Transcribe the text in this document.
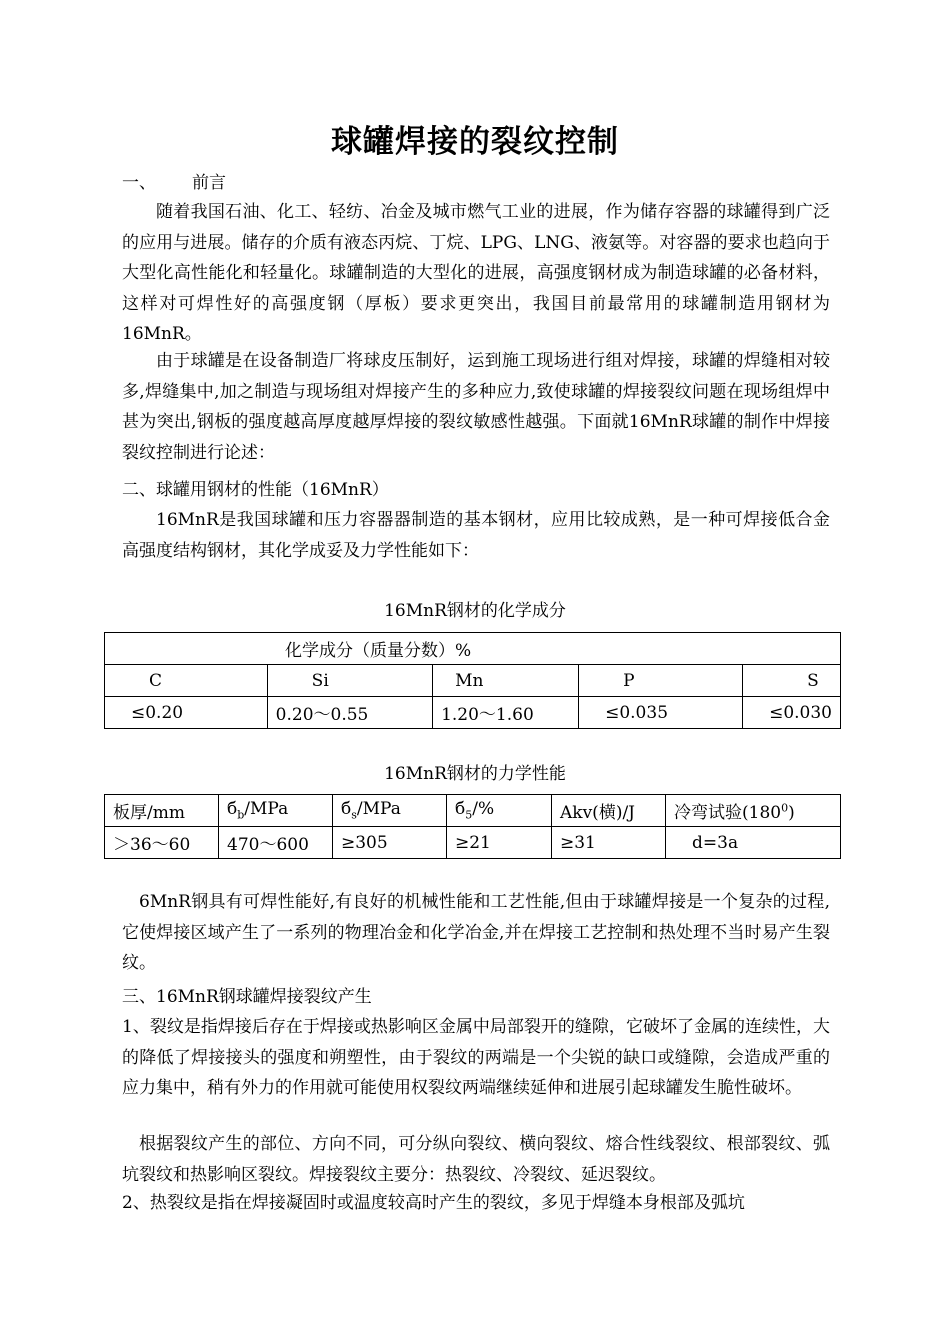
球罐焊接的裂纹控制
一、 前言
随着我国石油、化工、轻纺、冶金及城市燃气工业的进展，作为储存容器的球罐得到广泛的应用与进展。储存的介质有液态丙烷、丁烷、LPG、LNG、液氨等。对容器的要求也趋向于大型化高性能化和轻量化。球罐制造的大型化的进展，高强度钢材成为制造球罐的必备材料，这样对可焊性好的高强度钢（厚板）要求更突出，我国目前最常用的球罐制造用钢材为16MnR。
由于球罐是在设备制造厂将球皮压制好，运到施工现场进行组对焊接，球罐的焊缝相对较多,焊缝集中,加之制造与现场组对焊接产生的多种应力,致使球罐的焊接裂纹问题在现场组焊中甚为突出,钢板的强度越高厚度越厚焊接的裂纹敏感性越强。下面就16MnR球罐的制作中焊接裂纹控制进行论述：
二、球罐用钢材的性能（16MnR）
16MnR是我国球罐和压力容器器制造的基本钢材，应用比较成熟，是一种可焊接低合金高强度结构钢材，其化学成妥及力学性能如下：
16MnR钢材的化学成分
化学成分（质量分数）%				
C	Si	Mn	P	S
≤0.20	0.20～0.55	1.20～1.60	≤0.035	≤0.030
16MnR钢材的力学性能
板厚/mm	$б_b$/MPa	$б_s$/MPa	$б_5/\%$	Akv(横)/J	冷弯试验$(180^0)$
＞36～60	470～600	≥305	≥21	≥31	d=3a
6MnR钢具有可焊性能好,有良好的机械性能和工艺性能,但由于球罐焊接是一个复杂的过程,它使焊接区域产生了一系列的物理冶金和化学冶金,并在焊接工艺控制和热处理不当时易产生裂纹。
三、16MnR钢球罐焊接裂纹产生
1、裂纹是指焊接后存在于焊接或热影响区金属中局部裂开的缝隙，它破坏了金属的连续性，大的降低了焊接接头的强度和朔塑性，由于裂纹的两端是一个尖锐的缺口或缝隙，会造成严重的应力集中，稍有外力的作用就可能使用权裂纹两端继续延伸和进展引起球罐发生脆性破坏。
根据裂纹产生的部位、方向不同，可分纵向裂纹、横向裂纹、熔合性线裂纹、根部裂纹、弧坑裂纹和热影响区裂纹。焊接裂纹主要分：热裂纹、冷裂纹、延迟裂纹。
2、热裂纹是指在焊接凝固时或温度较高时产生的裂纹，多见于焊缝本身根部及弧坑
